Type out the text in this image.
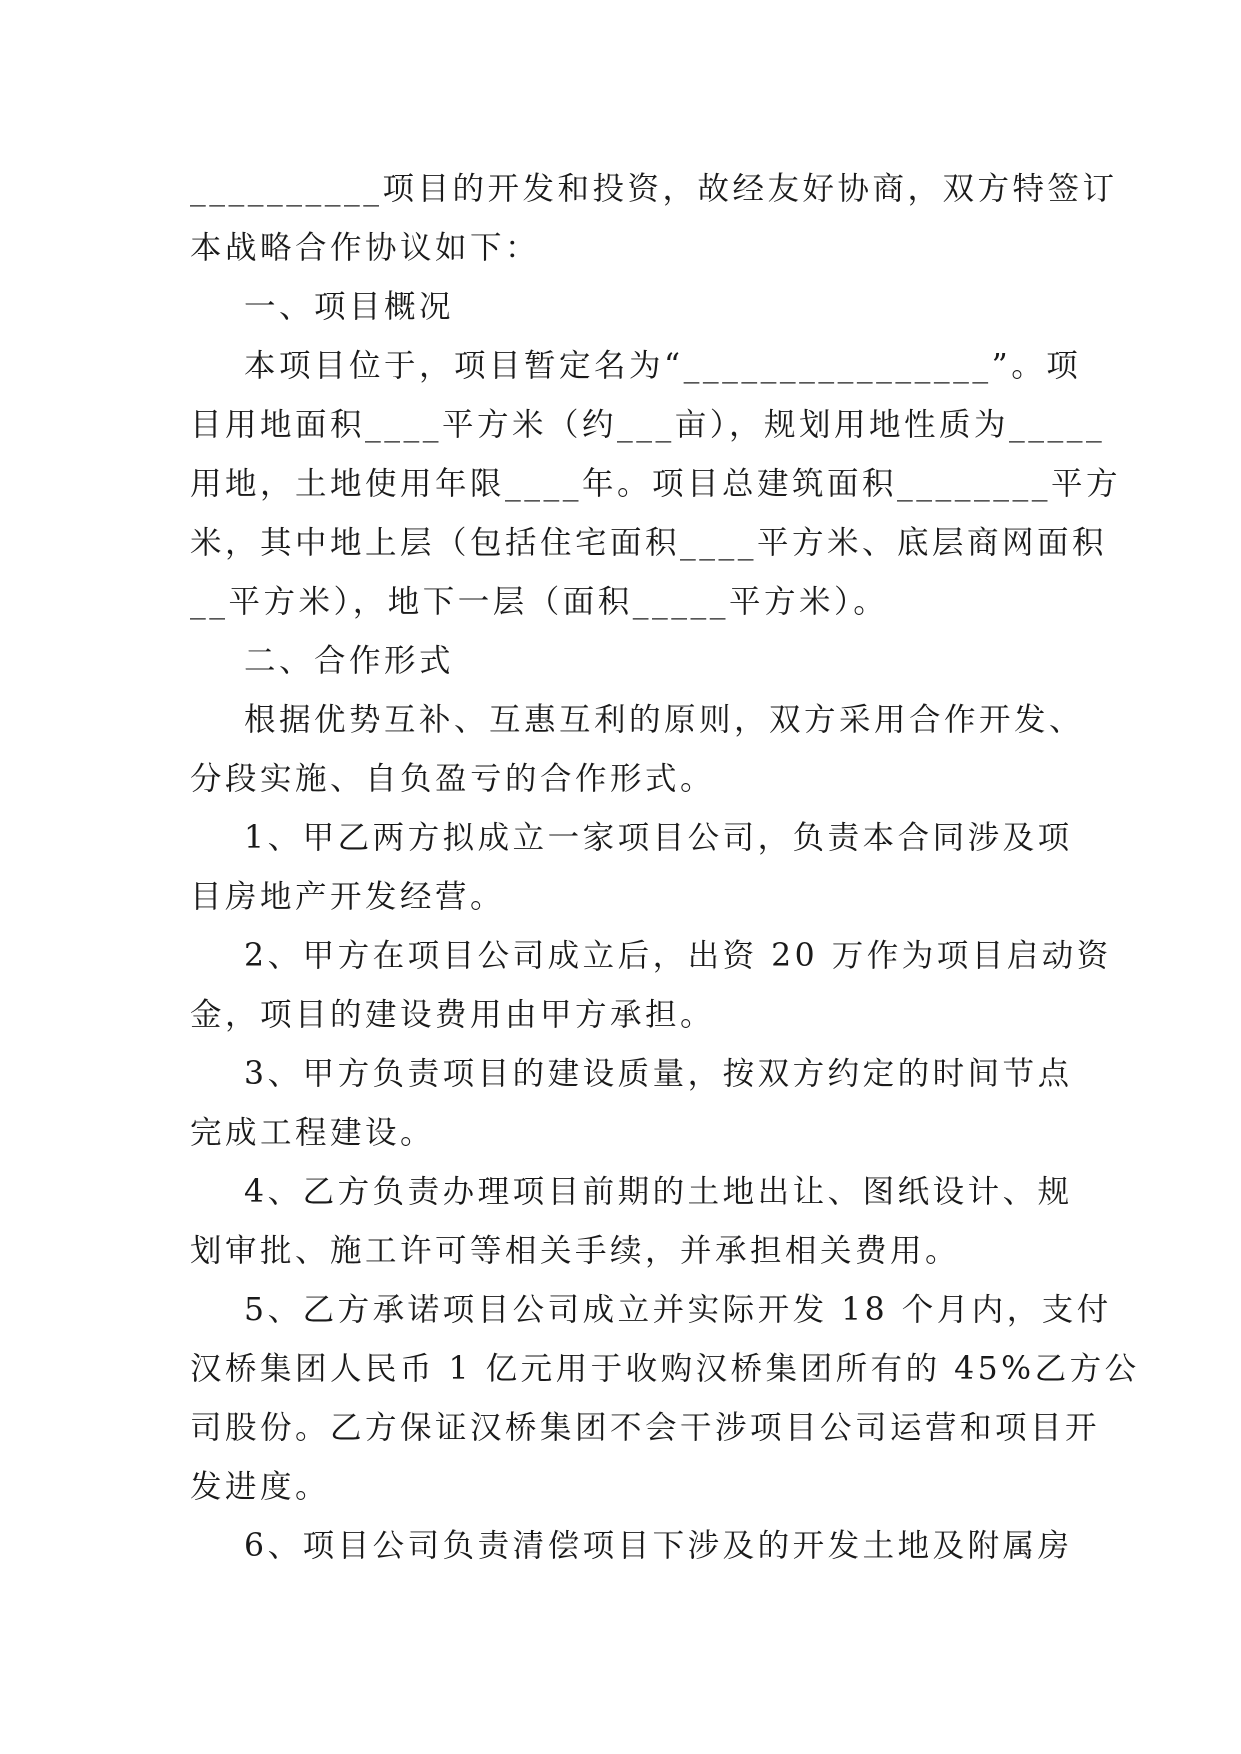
__________项目的开发和投资，故经友好协商，双方特签订
本战略合作协议如下：
一、项目概况
本项目位于，项目暂定名为“________________”。项
目用地面积____平方米（约___亩），规划用地性质为_____
用地，土地使用年限____年。项目总建筑面积________平方
米，其中地上层（包括住宅面积____平方米、底层商网面积
__平方米），地下一层（面积_____平方米）。
二、合作形式
根据优势互补、互惠互利的原则，双方采用合作开发、
分段实施、自负盈亏的合作形式。
1、甲乙两方拟成立一家项目公司，负责本合同涉及项
目房地产开发经营。
2、甲方在项目公司成立后，出资 20 万作为项目启动资
金，项目的建设费用由甲方承担。
3、甲方负责项目的建设质量，按双方约定的时间节点
完成工程建设。
4、乙方负责办理项目前期的土地出让、图纸设计、规
划审批、施工许可等相关手续，并承担相关费用。
5、乙方承诺项目公司成立并实际开发 18 个月内，支付
汉桥集团人民币 1 亿元用于收购汉桥集团所有的 45%乙方公
司股份。乙方保证汉桥集团不会干涉项目公司运营和项目开
发进度。
6、项目公司负责清偿项目下涉及的开发土地及附属房
